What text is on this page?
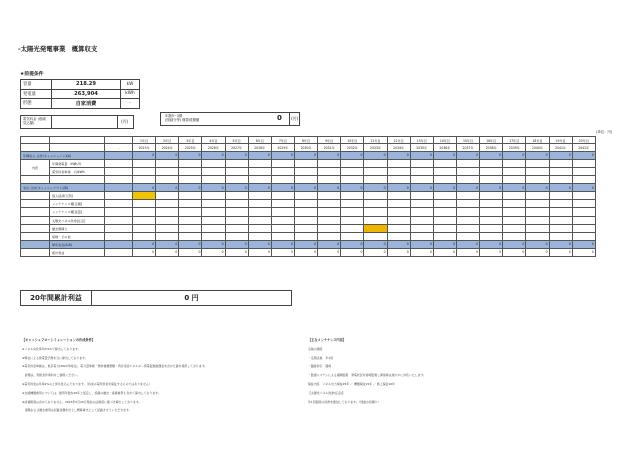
-太陽光発電事業　概算収支
★前提条件
容量	218.29	kW
発電量	263,904	kWh
形態	自家消費	-
電気料金 (削減見込額)	(円)
年額5~3期
(削減分等) 概算経費額	0 (円)
(単位：円)
			1年目	2年目	3年目	4年目	5年目	6年目	7年目	8年目	9年目	10年目	11年目	12年目	13年目	14年目	15年目	16年目	17年目	18年目	19年目	20年目
		-	2023年	2024年	2025年	2026年	2027年	2028年	2029年	2030年	2031年	2032年	2033年	2034年	2035年	2036年	2037年	2038年	2039年	2040年	2041年	2042年
年間収入 合計(キャッシュイン)(A)			0	0	0	0	0	0	0	0	0	0	0	0	0	0	0	0	0	0	0	0
内訳	年間発電量　kWh/年																					
	電気料金単価　円/kWh																					

支出 合計(キャッシュアウト)(B)			0	0	0	0	0	0	0	0	0	0	0	0	0	0	0	0	0	0	0	0
	借入返済(元利)																					
	メンテナンス費[定額]																					
	メンテナンス費[従量]																					
	太陽光パネル洗浄[任意]																					
	撤去費積立																					
	保険・その他																					
	単年収支(A-B)		0	0	0	0	0	0	0	0	0	0	0	0	0	0	0	0	0	0	0	0
	累計利益		0	0	0	0	0	0	0	0	0	0	0	0	0	0	0	0	0	0	0	0
20年間累計利益	0 円
【キャッシュフローシミュレーションの作成条件】
※パネル劣化率年0.5%で算出しております。
※弊社による発電量予測を元に算出しております。
※電気料金単価は、東京電力(2023年時点)、電力量単価・燃料費調整額・再生可能エネルギー発電促進賦課金を含めた値を採用しております。
　詳細は、別紙条件資料をご参照ください。
※電気料金は年率2%の上昇を見込んでおります。（将来の電気料金を保証するものではありません）
※支援機器費用については、耐用年数を20年と仮定し、設備の撤去・廃棄費用も含めて算出しております。
※消費税等は含めておりません。2023年5月20日現在の法制度に基づき算出しております。
　保険および撤去費用は記載金額を計上し概算算出として記載させていただきます。
【主なメンテナンス内容】
点検の頻度
・定期点検　年1回
・臨時対応　随時
・監視システムによる遠隔監視　発電状況を常時監視し異常時は速やかに対応いたします。
保証内容　パネル出力保証25年 ／ 機器保証15年 ／ 施工保証10年
【太陽光パネル洗浄(任意)】
年1回程度の洗浄を推奨しております。（別途お見積り）
